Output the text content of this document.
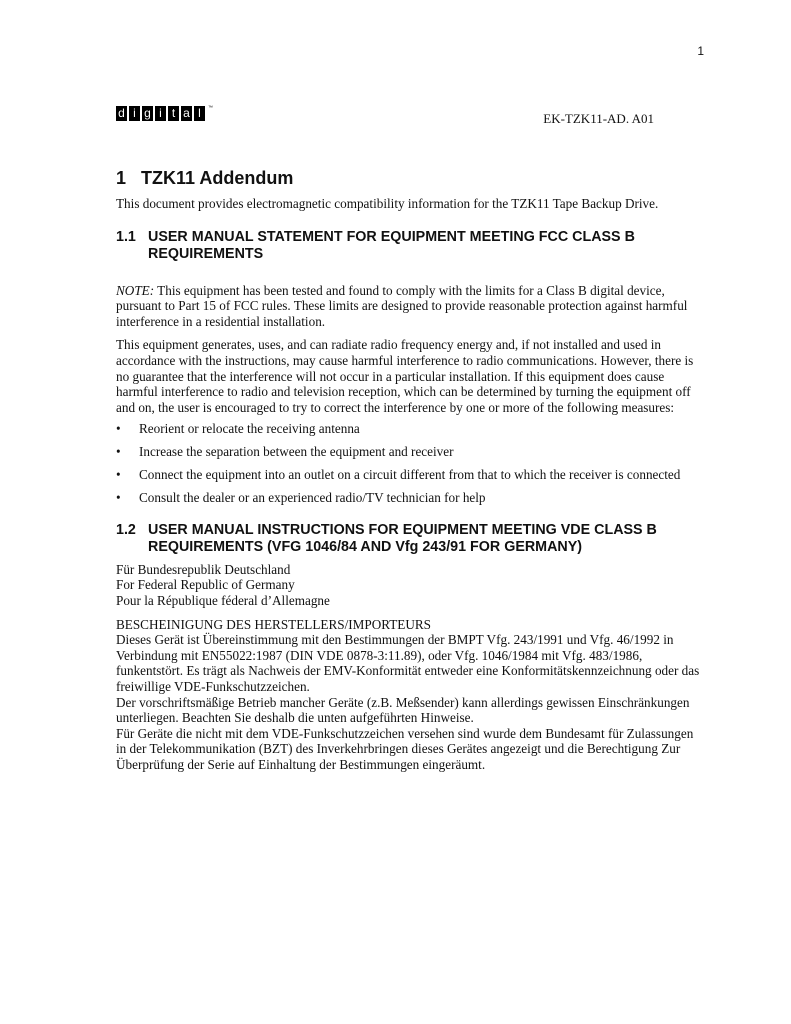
1
d i g i t a l	™
EK-TZK11-AD. A01
1 TZK11 Addendum

This document provides electromagnetic compatibility information for the TZK11 Tape Backup Drive.

1.1 USER MANUAL STATEMENT FOR EQUIPMENT MEETING FCC CLASS B REQUIREMENTS

NOTE: This equipment has been tested and found to comply with the limits for a Class B digital device, pursuant to Part 15 of FCC rules. These limits are designed to provide reasonable protection against harmful interference in a residential installation.

This equipment generates, uses, and can radiate radio frequency energy and, if not installed and used in accordance with the instructions, may cause harmful interference to radio communications. However, there is no guarantee that the interference will not occur in a particular installation. If this equipment does cause harmful interference to radio and television reception, which can be determined by turning the equipment off and on, the user is encouraged to try to correct the interference by one or more of the following measures:

•	Reorient or relocate the receiving antenna
•	Increase the separation between the equipment and receiver
•	Connect the equipment into an outlet on a circuit different from that to which the receiver is connected
•	Consult the dealer or an experienced radio/TV technician for help
1.2 USER MANUAL INSTRUCTIONS FOR EQUIPMENT MEETING VDE CLASS B REQUIREMENTS (VFG 1046/84 AND Vfg 243/91 FOR GERMANY)
Für Bundesrepublik Deutschland
For Federal Republic of Germany
Pour la République féderal d’Allemagne

BESCHEINIGUNG DES HERSTELLERS/IMPORTEURS

Dieses Gerät ist Übereinstimmung mit den Bestimmungen der BMPT Vfg. 243/1991 und Vfg. 46/1992 in Verbindung mit EN55022:1987 (DIN VDE 0878-3:11.89), oder Vfg. 1046/1984 mit Vfg. 483/1986, funkentstört. Es trägt als Nachweis der EMV-Konformität entweder eine Konformitätskennzeichnung oder das freiwillige VDE-Funkschutzzeichen.

Der vorschriftsmäßige Betrieb mancher Geräte (z.B. Meßsender) kann allerdings gewissen Einschränkungen unterliegen. Beachten Sie deshalb die unten aufgeführten Hinweise.

Für Geräte die nicht mit dem VDE-Funkschutzzeichen versehen sind wurde dem Bundesamt für Zulassungen in der Telekommunikation (BZT) des Inverkehrbringen dieses Gerätes angezeigt und die Berechtigung Zur Überprüfung der Serie auf Einhaltung der Bestimmungen eingeräumt.
